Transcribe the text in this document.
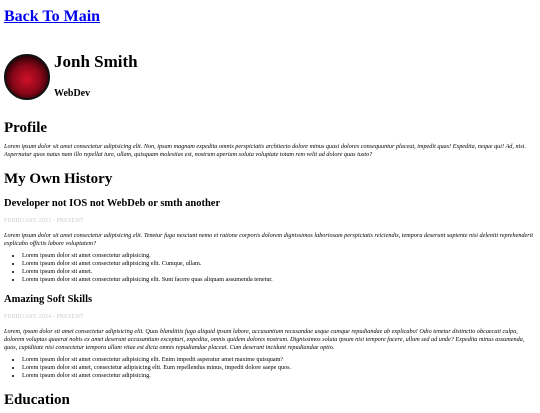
Back To Main
Jonh Smith
WebDev
Profile

Lorem ipsum dolor sit amet consectetur adipisicing elit. Non, ipsam magnam expedita omnis perspiciatis architecto dolore minus quasi dolores consequuntur placeat, impedit quas! Expedita, neque qui! Ad, nisi. Aspernatur quos natus nam illo repellat iure, ullam, quisquam molestias est, nostrum aperiam soluta voluptate totam rem velit ad dolore quas iusto?

My Own History
Developer not IOS not WebDeb or smth another

FEBRUARY 2023 - PRESENT

Lorem ipsum dolor sit amet consectetur adipisicing elit. Tenetur fuga nesciunt nemo et ratione corporis dolorem dignissimos laboriosam perspiciatis reiciendis, tempora deserunt sapiente nisi deleniti reprehenderit explicabo officiis labore voluptatem?

• Lorem ipsum dolor sit amet consectetur adipisicing.
• Lorem ipsum dolor sit amet consectetur adipisicing elit. Cumque, ullam.
• Lorem ipsum dolor sit amet.
• Lorem ipsum dolor sit amet consectetur adipisicing elit. Sunt facere quas aliquam assumenda tenetur.
Amazing Soft Skills

FEBRUARY 2024 - PRESENT

Lorem, ipsum dolor sit amet consectetur adipisicing elit. Quas blanditiis fuga aliquid ipsum labore, accusantium recusandae usque cumque repudiandae ab explicabo! Odio tenetur distinctio obcaecati culpa, dolorem voluptas quaerat nobis ex amet deserunt accusantium excepturi, expedita, omnis quidem dolores nostrum. Dignissimos soluta ipsum nisi tempore facere, ullam sed ad unde? Expedita minus assumenda, quos, cupiditate nisi consectetur tempora ullam vitae est dicta omnis repudiandae placeat. Cum deserunt incidunt repudiandae optio.

• Lorem ipsum dolor sit amet consectetur adipisicing elit. Enim impedit asperatur amet maxime quisquam?
• Lorem ipsum dolor sit amet, consectetur adipisicing elit. Eum repellendus minus, impedit dolore saepe quos.
• Lorem ipsum dolor sit amet consectetur adipisicing.
Education
